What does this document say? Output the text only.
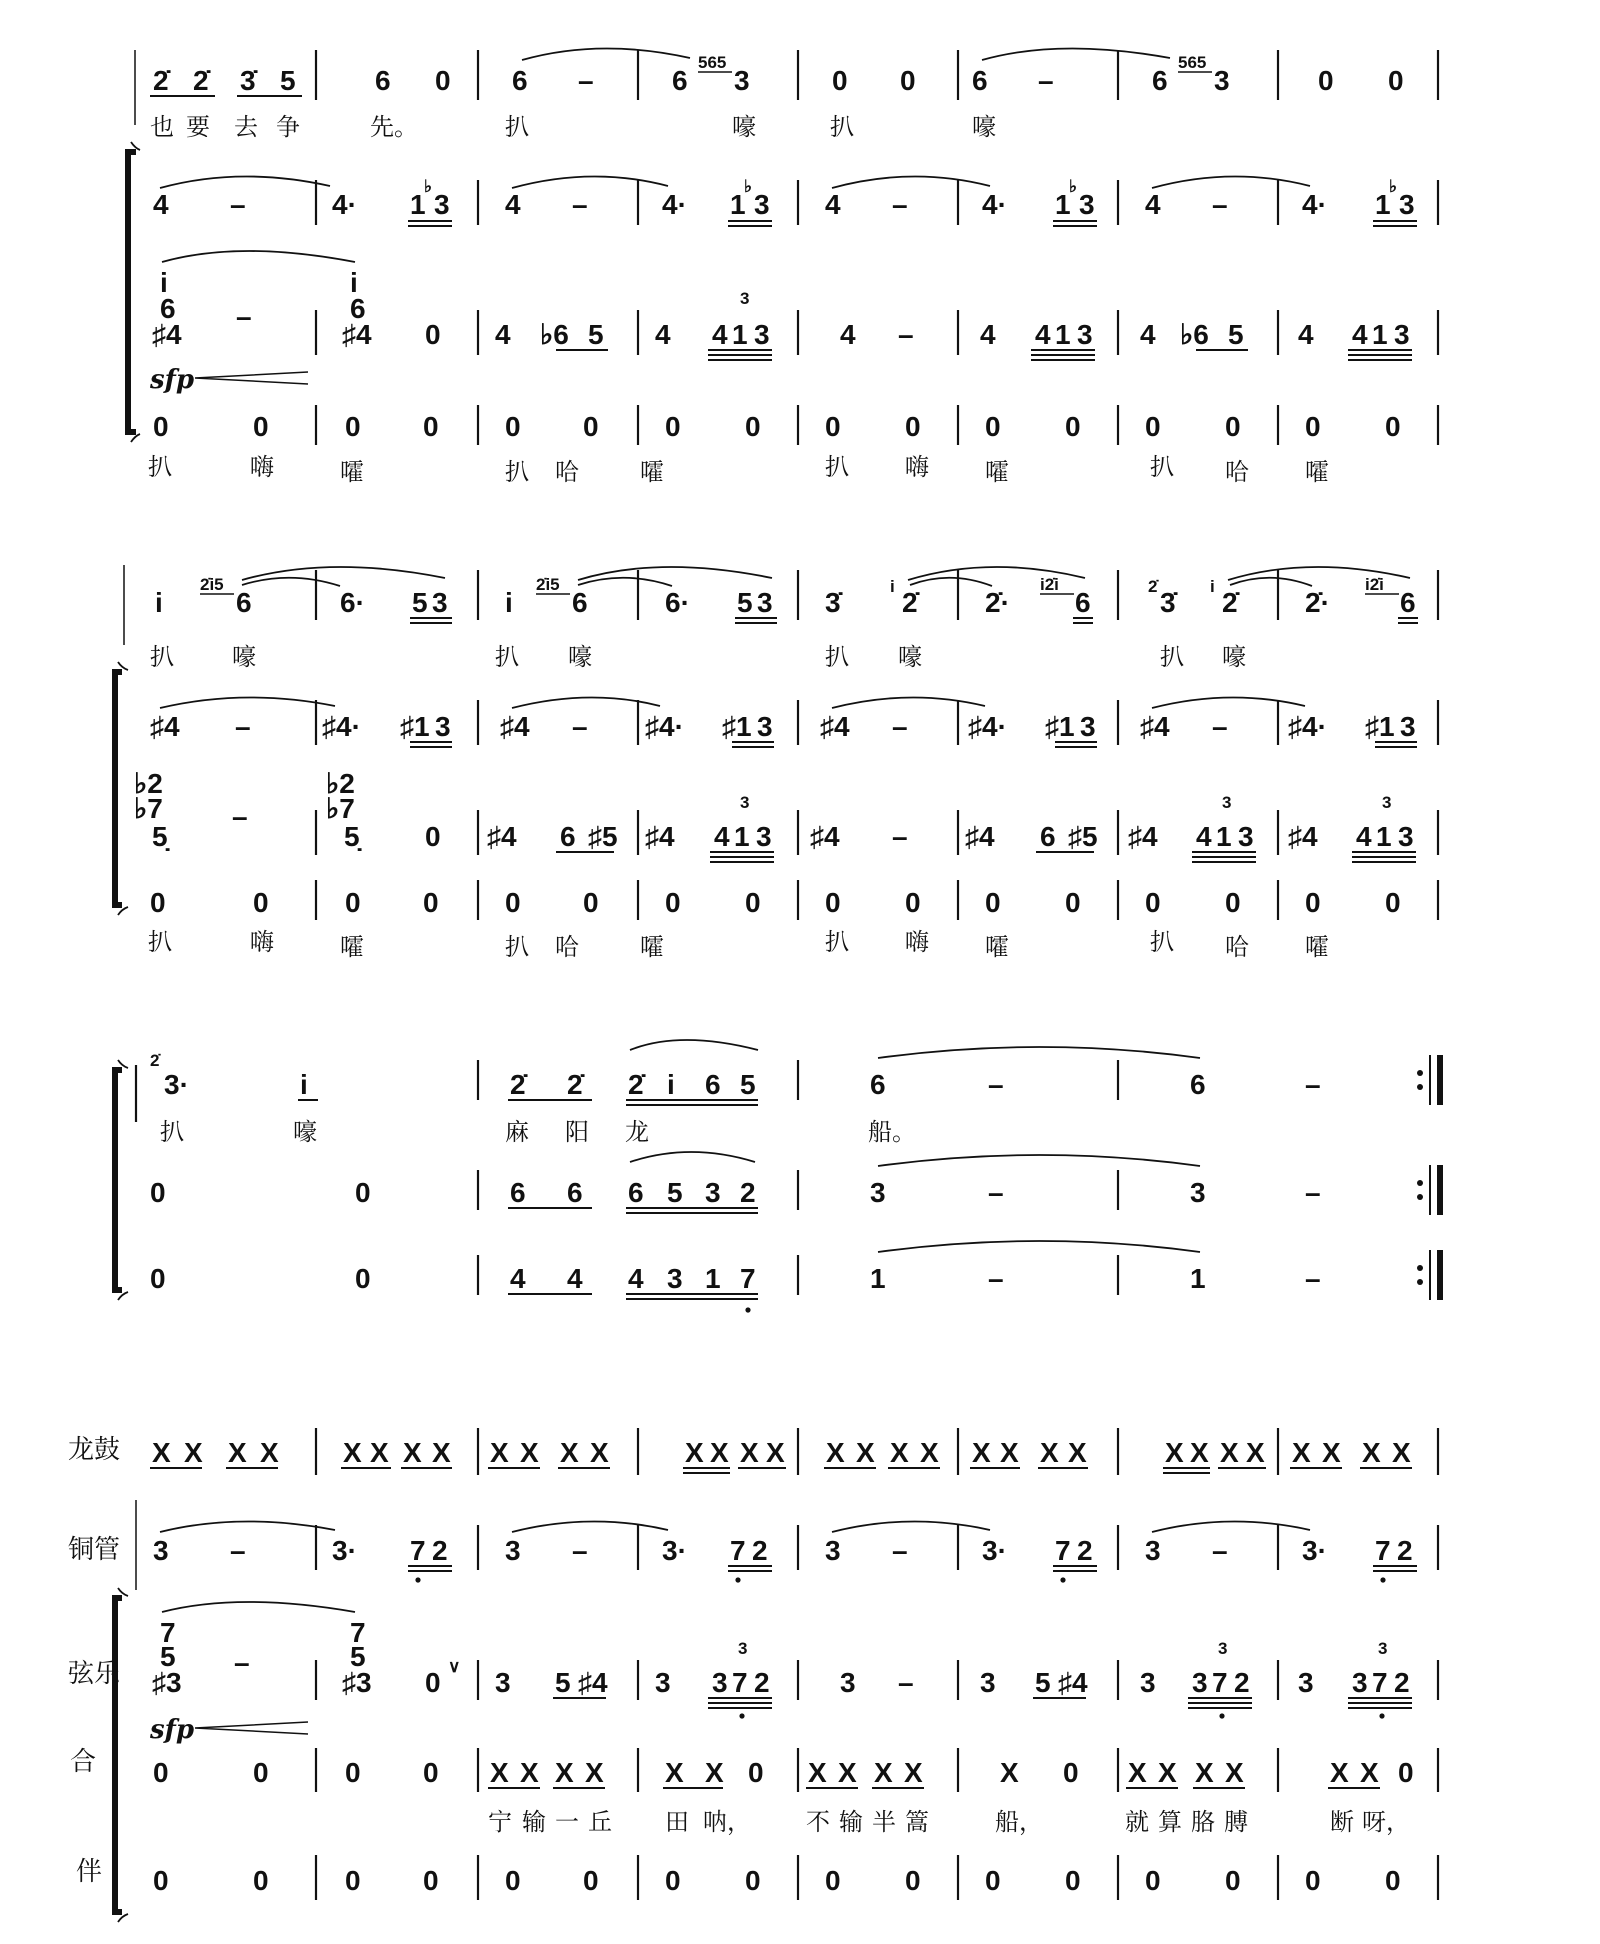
2̇ 2̇ 3̇ 5	6 0 6 –	6
565
3	0 0 6 –	6
565
3	0 0
也 要 去 争	先。	扒	嚎	扒	嚎
4 –	4· 1
♭
3 4 –	4· 1
♭
3 4 –	4· 1
♭
3 4 –	4· 1
♭
3
i
6
♯4
–
i
6
♯4 0
sfp
4 ♭6 5 4 4 1 3
3
4 – 4 4 1 3 4 ♭6 5 4 4 1 3
0	0	0 0 0 0 0 0 0 0 0 0 0 0 0 0
扒	嗨	嚯	扒 哈	嚯	扒 嗨 嚯	扒 哈 嚯
i
2̇i5
6	6· 5 3 i
2̇i5
6	6· 5 3 3̇
i
2̇ 2̇·
i2̇i
6
2̇
3̇
i
2̇ 2̇·
i2̇i
6
扒 嚎	扒 嚎	扒 嚎	扒 嚎
♯4 –	♯4· ♯1 3 ♯4 – ♯4· ♯1 3 ♯4 – ♯4· ♯1 3 ♯4 – ♯4· ♯1 3
♭2
♭7
5̣
–
♭2
♭7
5̣ 0 ♯4 6 ♯5 ♯4 4 1 3
3
♯4 – ♯4 6 ♯5 ♯4 4 1 3
3
♯4 4 1 3
3
0	0	0 0 0 0 0 0 0 0 0 0 0 0 0 0
扒	嗨	嚯	扒 哈	嚯	扒 嗨 嚯	扒 哈 嚯
2̇
3·	i	2̇ 2̇ 2̇ i 6 5	6	–	6	–
扒	嚎	麻 阳 龙	船。
0	0	6 6 6 5 3 2	3	–	3	–
0	0	4 4 4 3 1 7	1	–	1	–
龙鼓
铜管
弦乐
合
伴
X X X X X X X X X X X X	X X X X X X X X X X X X	X X X X X X X X
3 –	3· 7 2 3 –	3· 7 2 3 –	3· 7 2 3 –	3· 7 2
7
5
♯3
–
7
5
♯3 0
∨
sfp
3 5 ♯4 3 3 7 2
3
3 – 3 5 ♯4 3 3 7 2
3
3 3 7 2
3
0	0	0 0 X X X X X X 0 X X X X	X 0 X X X X	X X 0
宁 输 一 丘 田 呐， 不 输 半 篙	船，	就 算 胳 膊	断 呀，
0	0	0 0 0 0 0 0 0 0 0 0 0 0 0 0
